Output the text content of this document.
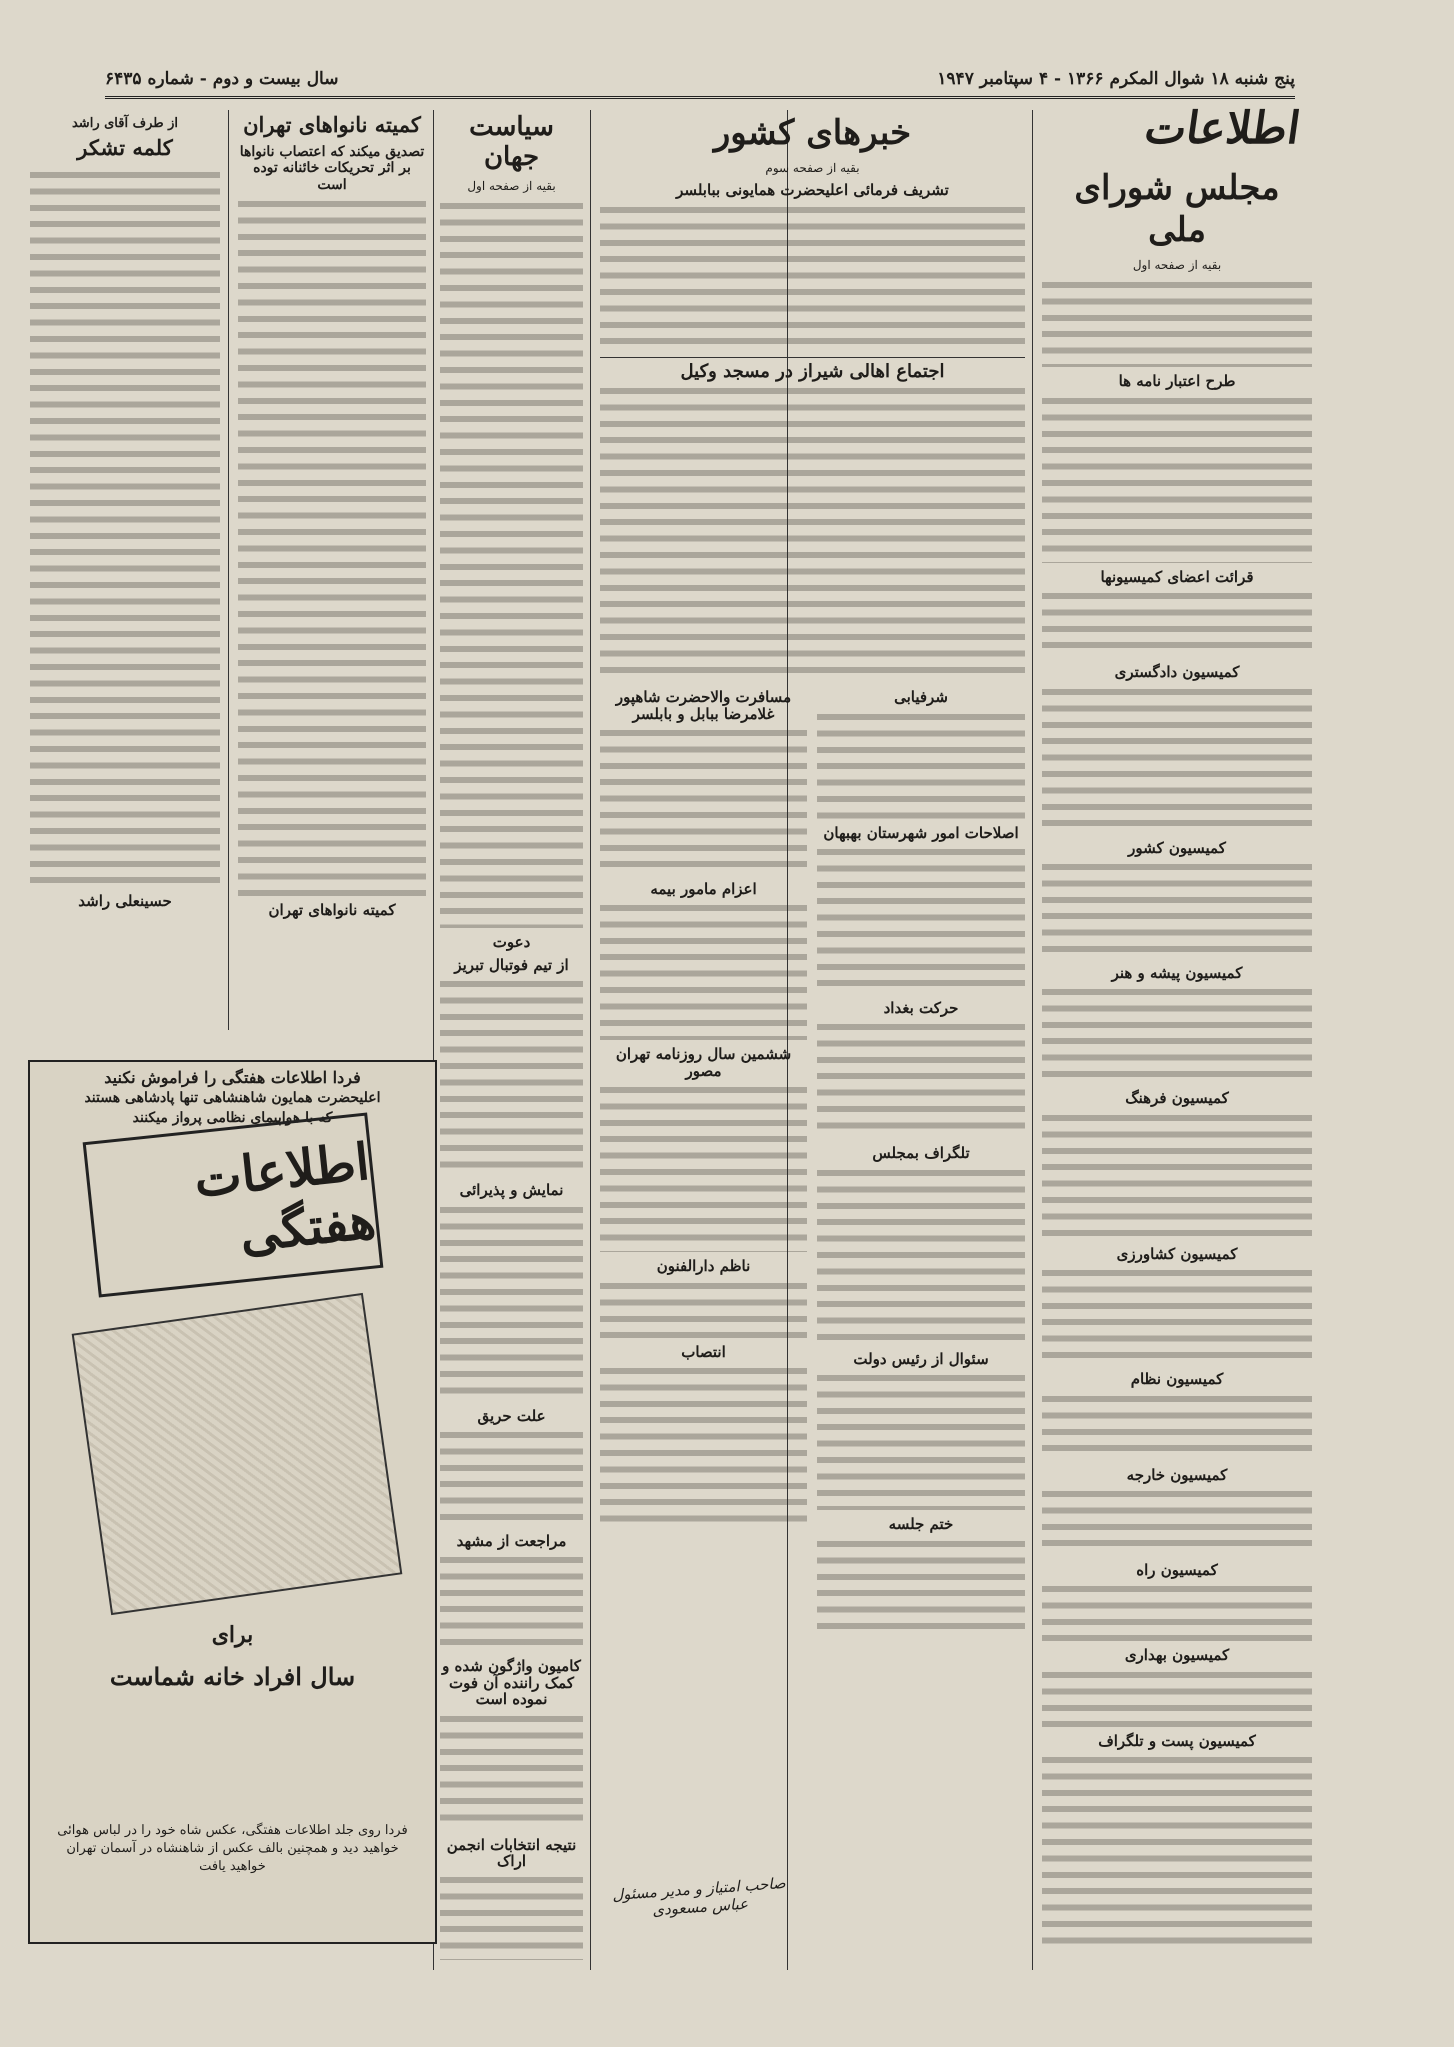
پنج شنبه ۱۸ شوال المکرم ۱۳۶۶ - ۴ سپتامبر ۱۹۴۷
سال بیست و دوم - شماره ۶۴۳۵
اطلاعات
مجلس شورای ملی
بقیه از صفحه اول
طرح اعتبار نامه ها
قرائت اعضای کمیسیونها
کمیسیون دادگستری
کمیسیون کشور
کمیسیون پیشه و هنر
کمیسیون فرهنگ
کمیسیون کشاورزی
کمیسیون نظام
کمیسیون خارجه
کمیسیون راه
کمیسیون بهداری
کمیسیون پست و تلگراف
خبرهای کشور
بقیه از صفحه سوم
تشریف فرمائی اعلیحضرت همایونی ببابلسر
اجتماع اهالی شیراز در مسجد وکیل
شرفیابی
اصلاحات امور شهرستان بهبهان
حرکت بغداد
تلگراف بمجلس
سئوال از رئیس دولت
ختم جلسه
مسافرت والاحضرت شاهپور غلامرضا ببابل و بابلسر
اعزام مامور بیمه
ششمین سال روزنامه تهران مصور
ناظم دارالفنون
انتصاب
سیاست جهان
بقیه از صفحه اول
دعوت
از تیم فوتبال تبریز
نمایش و پذیرائی
علت حریق
مراجعت از مشهد
کامیون واژگون شده و کمک راننده آن فوت نموده است
نتیجه انتخابات انجمن اراک
کمیته نانواهای تهران
تصدیق میکند که اعتصاب نانواها بر اثر تحریکات خائنانه توده است
کمیته نانواهای تهران
از طرف آقای راشد
کلمه تشکر
حسینعلی راشد
فردا اطلاعات هفتگی را فراموش نکنید
اعلیحضرت همایون شاهنشاهی تنها پادشاهی هستند
که با هواپیمای نظامی پرواز میکنند
اطلاعات هفتگی
برای
سال افراد خانه شماست
فردا روی جلد اطلاعات هفتگی، عکس شاه خود را در لباس هوائی خواهید دید و همچنین بالف عکس از شاهنشاه در آسمان تهران خواهید یافت
صاحب امتیاز و مدیر مسئول عباس مسعودی
